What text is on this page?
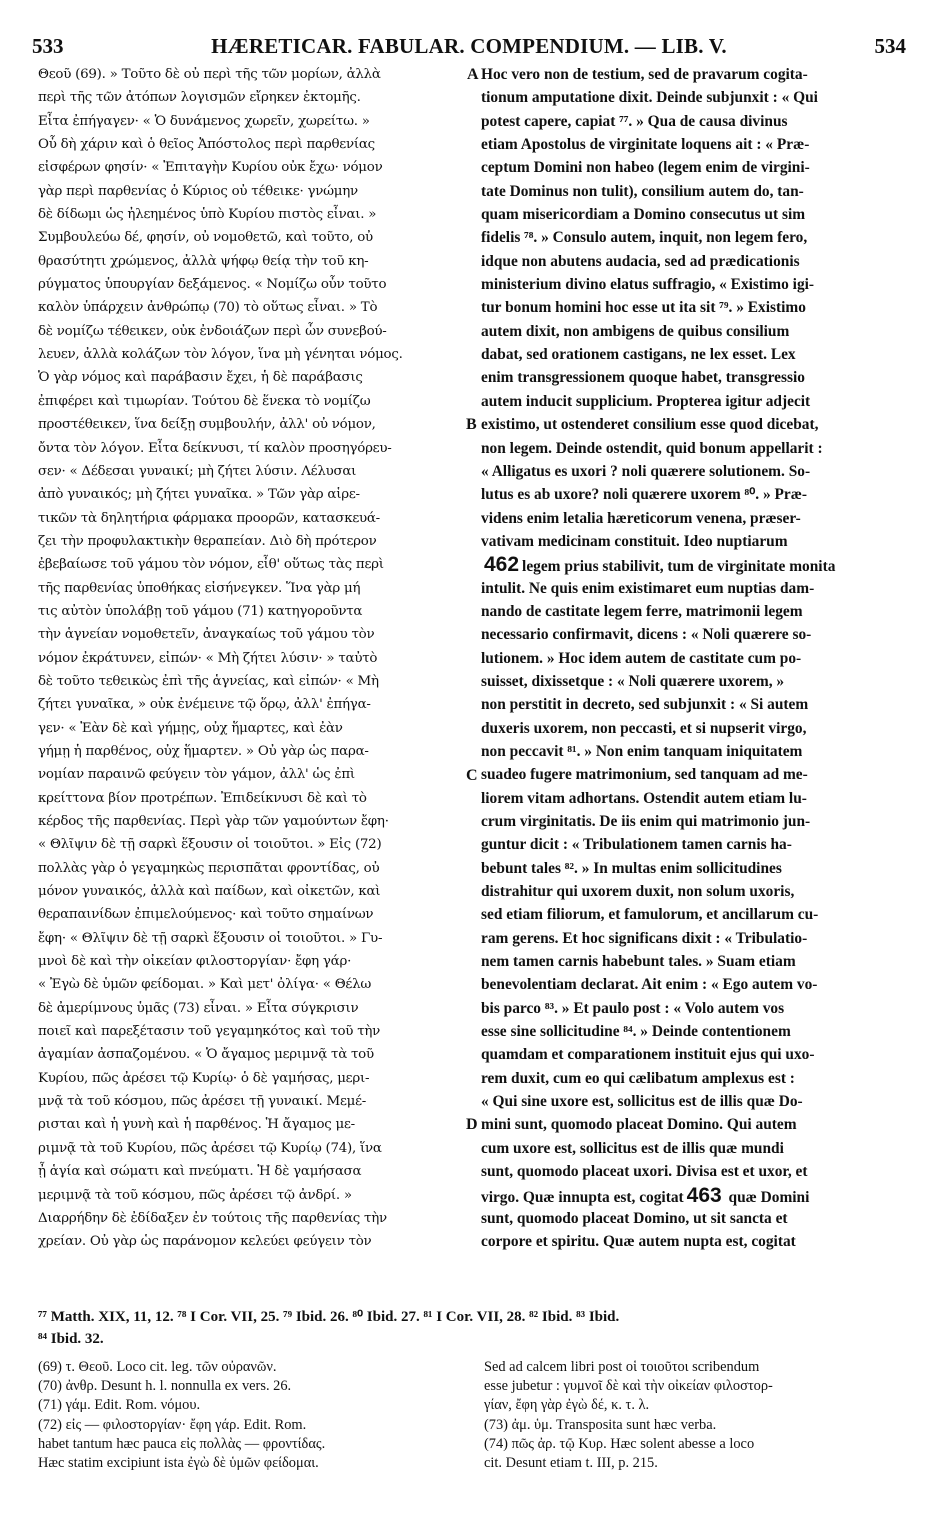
533	HÆRETICAR. FABULAR. COMPENDIUM. — LIB. V.	534
Θεοῦ (69). » Τοῦτο δὲ οὐ περὶ τῆς τῶν μορίων, ἀλλὰ
περὶ τῆς τῶν ἀτόπων λογισμῶν εἴρηκεν ἐκτομῆς.
Εἶτα ἐπήγαγεν· « Ὁ δυνάμενος χωρεῖν, χωρείτω. »
Οὗ δὴ χάριν καὶ ὁ θεῖος Ἀπόστολος περὶ παρθενίας
εἰσφέρων φησίν· « Ἐπιταγὴν Κυρίου οὐκ ἔχω· νόμον
γὰρ περὶ παρθενίας ὁ Κύριος οὐ τέθεικε· γνώμην
δὲ δίδωμι ὡς ἠλεημένος ὑπὸ Κυρίου πιστὸς εἶναι. »
Συμβουλεύω δέ, φησίν, οὐ νομοθετῶ, καὶ τοῦτο, οὐ
θρασύτητι χρώμενος, ἀλλὰ ψήφῳ θείᾳ τὴν τοῦ κη-
ρύγματος ὑπουργίαν δεξάμενος. « Νομίζω οὖν τοῦτο
καλὸν ὑπάρχειν ἀνθρώπῳ (70) τὸ οὕτως εἶναι. » Τὸ
δὲ νομίζω τέθεικεν, οὐκ ἐνδοιάζων περὶ ὧν συνεβού-
λευεν, ἀλλὰ κολάζων τὸν λόγον, ἵνα μὴ γένηται νόμος.
Ὁ γὰρ νόμος καὶ παράβασιν ἔχει, ἡ δὲ παράβασις
ἐπιφέρει καὶ τιμωρίαν. Τούτου δὲ ἕνεκα τὸ νομίζω
προστέθεικεν, ἵνα δείξῃ συμβουλήν, ἀλλ' οὐ νόμον,
ὄντα τὸν λόγον. Εἶτα δείκνυσι, τί καλὸν προσηγόρευ-
σεν· « Δέδεσαι γυναικί; μὴ ζήτει λύσιν. Λέλυσαι
ἀπὸ γυναικός; μὴ ζήτει γυναῖκα. » Τῶν γὰρ αἱρε-
τικῶν τὰ δηλητήρια φάρμακα προορῶν, κατασκευά-
ζει τὴν προφυλακτικὴν θεραπείαν. Διὸ δὴ πρότερον
ἐβεβαίωσε τοῦ γάμου τὸν νόμον, εἶθ' οὕτως τὰς περὶ
τῆς παρθενίας ὑποθήκας εἰσήνεγκεν. Ἵνα γὰρ μή
τις αὐτὸν ὑπολάβῃ τοῦ γάμου (71) κατηγοροῦντα
τὴν ἁγνείαν νομοθετεῖν, ἀναγκαίως τοῦ γάμου τὸν
νόμον ἐκράτυνεν, εἰπών· « Μὴ ζήτει λύσιν· » ταὐτὸ
δὲ τοῦτο τεθεικὼς ἐπὶ τῆς ἁγνείας, καὶ εἰπών· « Μὴ
ζήτει γυναῖκα, » οὐκ ἐνέμεινε τῷ ὅρῳ, ἀλλ' ἐπήγα-
γεν· « Ἐὰν δὲ καὶ γήμῃς, οὐχ ἥμαρτες, καὶ ἐὰν
γήμῃ ἡ παρθένος, οὐχ ἥμαρτεν. » Οὐ γὰρ ὡς παρα-
νομίαν παραινῶ φεύγειν τὸν γάμον, ἀλλ' ὡς ἐπὶ
κρείττονα βίον προτρέπων. Ἐπιδείκνυσι δὲ καὶ τὸ
κέρδος τῆς παρθενίας. Περὶ γὰρ τῶν γαμούντων ἔφη·
« Θλῖψιν δὲ τῇ σαρκὶ ἕξουσιν οἱ τοιοῦτοι. » Εἰς (72)
πολλὰς γὰρ ὁ γεγαμηκὼς περισπᾶται φροντίδας, οὐ
μόνον γυναικός, ἀλλὰ καὶ παίδων, καὶ οἰκετῶν, καὶ
θεραπαινίδων ἐπιμελούμενος· καὶ τοῦτο σημαίνων
ἔφη· « Θλῖψιν δὲ τῇ σαρκὶ ἕξουσιν οἱ τοιοῦτοι. » Γυ-
μνοὶ δὲ καὶ τὴν οἰκείαν φιλοστοργίαν· ἔφη γάρ·
« Ἐγὼ δὲ ὑμῶν φείδομαι. » Καὶ μετ' ὀλίγα· « Θέλω
δὲ ἀμερίμνους ὑμᾶς (73) εἶναι. » Εἶτα σύγκρισιν
ποιεῖ καὶ παρεξέτασιν τοῦ γεγαμηκότος καὶ τοῦ τὴν
ἀγαμίαν ἀσπαζομένου. « Ὁ ἄγαμος μεριμνᾷ τὰ τοῦ
Κυρίου, πῶς ἀρέσει τῷ Κυρίῳ· ὁ δὲ γαμήσας, μερι-
μνᾷ τὰ τοῦ κόσμου, πῶς ἀρέσει τῇ γυναικί. Μεμέ-
ρισται καὶ ἡ γυνὴ καὶ ἡ παρθένος. Ἡ ἄγαμος με-
ριμνᾷ τὰ τοῦ Κυρίου, πῶς ἀρέσει τῷ Κυρίῳ (74), ἵνα
ᾖ ἁγία καὶ σώματι καὶ πνεύματι. Ἡ δὲ γαμήσασα
μεριμνᾷ τὰ τοῦ κόσμου, πῶς ἀρέσει τῷ ἀνδρί. »
Διαρρήδην δὲ ἐδίδαξεν ἐν τούτοις τῆς παρθενίας τὴν
χρείαν. Οὐ γὰρ ὡς παράνομον κελεύει φεύγειν τὸν
Hoc vero non de testium, sed de pravarum cogita-
tionum amputatione dixit. Deinde subjunxit : « Qui
potest capere, capiat ⁷⁷. » Qua de causa divinus
etiam Apostolus de virginitate loquens ait : « Præ-
ceptum Domini non habeo (legem enim de virgini-
tate Dominus non tulit), consilium autem do, tan-
quam misericordiam a Domino consecutus ut sim
fidelis ⁷⁸. » Consulo autem, inquit, non legem fero,
idque non abutens audacia, sed ad prædicationis
ministerium divino elatus suffragio, « Existimo igi-
tur bonum homini hoc esse ut ita sit ⁷⁹. » Existimo
autem dixit, non ambigens de quibus consilium
dabat, sed orationem castigans, ne lex esset. Lex
enim transgressionem quoque habet, transgressio
autem inducit supplicium. Propterea igitur adjecit
existimo, ut ostenderet consilium esse quod dicebat,
non legem. Deinde ostendit, quid bonum appellarit :
« Alligatus es uxori ? noli quærere solutionem. So-
lutus es ab uxore? noli quærere uxorem ⁸⁰. » Præ-
videns enim letalia hæreticorum venena, præser-
vativam medicinam constituit. Ideo nuptiarum
462 legem prius stabilivit, tum de virginitate monita
intulit. Ne quis enim existimaret eum nuptias dam-
nando de castitate legem ferre, matrimonii legem
necessario confirmavit, dicens : « Noli quærere so-
lutionem. » Hoc idem autem de castitate cum po-
suisset, dixissetque : « Noli quærere uxorem, »
non perstitit in decreto, sed subjunxit : « Si autem
duxeris uxorem, non peccasti, et si nupserit virgo,
non peccavit ⁸¹. » Non enim tanquam iniquitatem
suadeo fugere matrimonium, sed tanquam ad me-
liorem vitam adhortans. Ostendit autem etiam lu-
crum virginitatis. De iis enim qui matrimonio jun-
guntur dicit : « Tribulationem tamen carnis ha-
bebunt tales ⁸². » In multas enim sollicitudines
distrahitur qui uxorem duxit, non solum uxoris,
sed etiam filiorum, et famulorum, et ancillarum cu-
ram gerens. Et hoc significans dixit : « Tribulatio-
nem tamen carnis habebunt tales. » Suam etiam
benevolentiam declarat. Ait enim : « Ego autem vo-
bis parco ⁸³. » Et paulo post : « Volo autem vos
esse sine sollicitudine ⁸⁴. » Deinde contentionem
quamdam et comparationem instituit ejus qui uxo-
rem duxit, cum eo qui cælibatum amplexus est :
« Qui sine uxore est, sollicitus est de illis quæ Do-
mini sunt, quomodo placeat Domino. Qui autem
cum uxore est, sollicitus est de illis quæ mundi
sunt, quomodo placeat uxori. Divisa est et uxor, et
virgo. Quæ innupta est, cogitat 463 quæ Domini
sunt, quomodo placeat Domino, ut sit sancta et
corpore et spiritu. Quæ autem nupta est, cogitat
A
B
C
D
⁷⁷ Matth. XIX, 11, 12. ⁷⁸ I Cor. VII, 25. ⁷⁹ Ibid. 26. ⁸⁰ Ibid. 27. ⁸¹ I Cor. VII, 28. ⁸² Ibid. ⁸³ Ibid.
⁸⁴ Ibid. 32.
(69) τ. Θεοῦ. Loco cit. leg. τῶν οὐρανῶν.
(70) ἀνθρ. Desunt h. l. nonnulla ex vers. 26.
(71) γάμ. Edit. Rom. νόμου.
(72) εἰς — φιλοστοργίαν· ἔφη γάρ. Edit. Rom.
habet tantum hæc pauca εἰς πολλὰς — φροντίδας.
Hæc statim excipiunt ista ἐγὼ δὲ ὑμῶν φείδομαι.
Sed ad calcem libri post οἱ τοιοῦτοι scribendum
esse jubetur : γυμνοῖ δὲ καὶ τὴν οἰκείαν φιλοστορ-
γίαν, ἔφη γὰρ ἐγὼ δέ, κ. τ. λ.
(73) ἀμ. ὑμ. Transposita sunt hæc verba.
(74) πῶς ἀρ. τῷ Κυρ. Hæc solent abesse a loco
cit. Desunt etiam t. III, p. 215.
